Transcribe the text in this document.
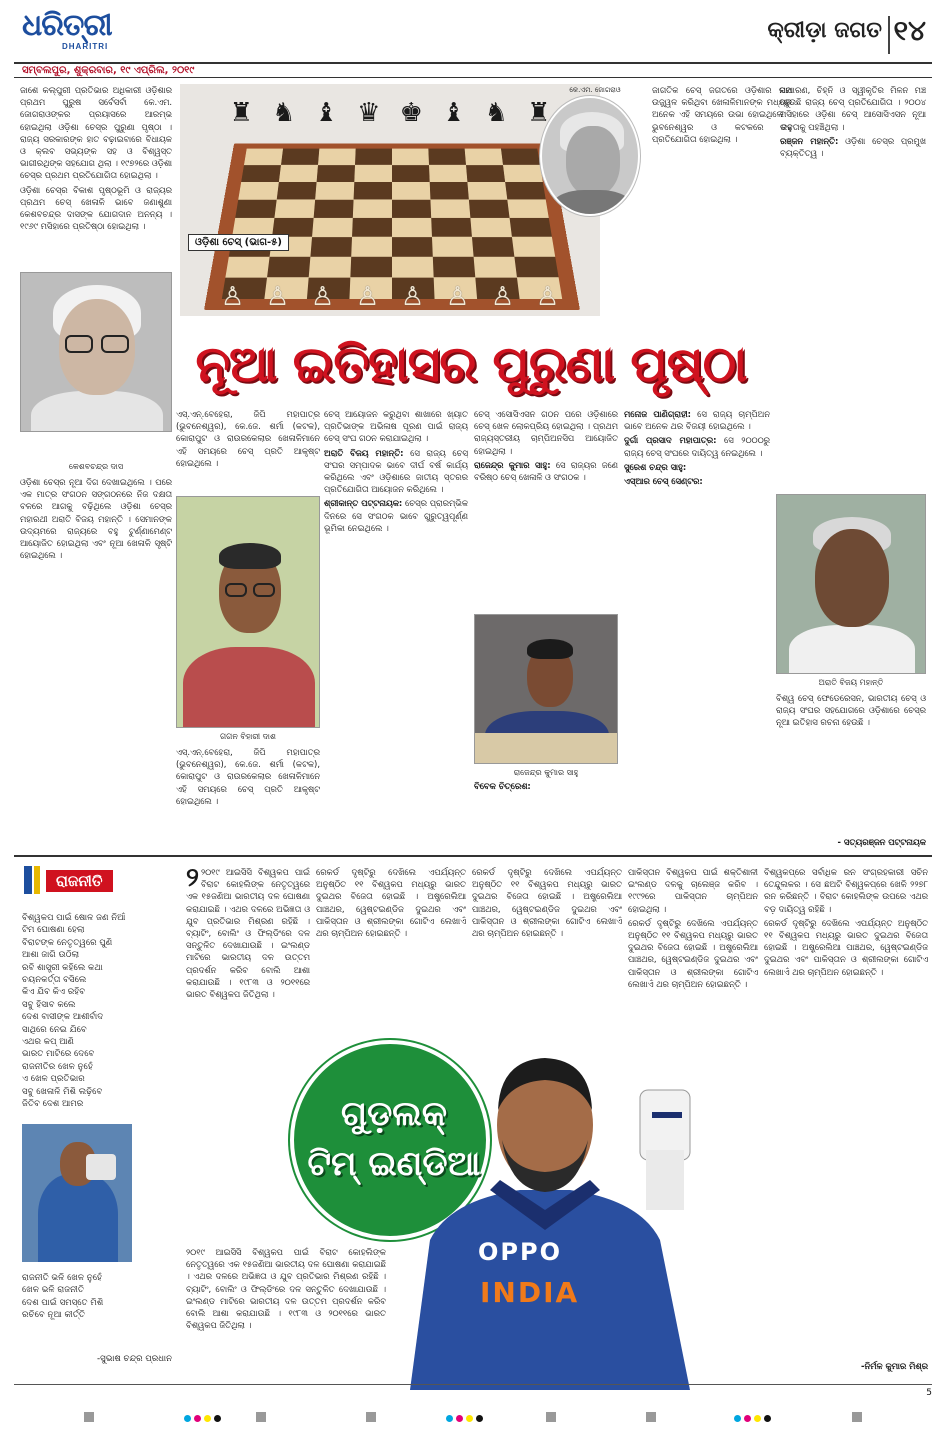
ଧରିତ୍ରୀ
DHARITRI
କ୍ରୀଡ଼ା ଜଗତ ୧୪
ସମ୍ବଲପୁର, ଶୁକ୍ରବାର, ୧୯ ଏପ୍ରିଲ, ୨୦୧୯

ଜାଶେ କଲ୍ପୁରୀ ପ୍ରତିଭାର ଅଧିକାରୀ ଓଡ଼ିଶାର ପ୍ରଥମ ପୁରୁଷ ସର୍ବେସର୍ବା କେ.ଏମ. ଜୋଗରାଓଙ୍କର ପ୍ରୟାସରେ ଆରମ୍ଭ ହୋଇଥିଲା ଓଡ଼ିଶା ଚେସ୍‌ର ପୁରୁଣା ପୃଷ୍ଠା । ରାଜ୍ୟ ସରକାରଙ୍କ ହାତ ବଢ଼ାଇବାରେ ବିଧାୟକ ଓ କ୍ଲବ ସଭ୍ୟଙ୍କ ସହ ଓ ବିଶ୍ୱସ୍ତ ଭାଗୀରଥିଙ୍କ ସହଯୋଗ ଥିଲା । ୧୯୭୨ରେ ଓଡ଼ିଶା ଚେସ୍‌ର ପ୍ରଥମ ପ୍ରତିଯୋଗିତା ହୋଇଥିଲା ।

ଓଡ଼ିଶା ଚେସ୍‌ର ବିକାଶ ପୃଷ୍ଠଭୂମି ଓ ରାଜ୍ୟର ପ୍ରଥମ ଚେସ୍ ଖେଳାଳି ଭାବେ ଜଣାଶୁଣା କେଶବଚନ୍ଦ୍ର ଦାସଙ୍କ ଯୋଗଦାନ ଅନନ୍ୟ । ୧୯୬୯ ମସିହାରେ ପ୍ରତିଷ୍ଠା ହୋଇଥିଲା ।

କେଶବଚନ୍ଦ୍ର ଦାସ

ଓଡ଼ିଶା ଚେସ୍‌ର ନୂଆ ଦିଗ ଦେଖାଇଥିଲେ । ପରେ ଏକ ମାତ୍ର ସଂଗଠନ ସଙ୍ଗଠନରେ ନିଜ ଦକ୍ଷତା ବଳରେ ଆଗକୁ ବଢ଼ିଥିଲେ ଓଡ଼ିଶା ଚେସ୍‌ର ମହାରଥୀ ଅରାତି ବିଜୟ ମହାନ୍ତି । ସେମାନଙ୍କ ଉଦ୍ୟମରେ ରାଜ୍ୟରେ ବହୁ ଟୁର୍ଣ୍ଣାମେଣ୍ଟ ଆୟୋଜିତ ହୋଇଥିଲା ଏବଂ ନୂଆ ଖେଳାଳି ସୃଷ୍ଟି ହୋଇଥିଲେ ।

♜ ♞ ♝ ♛ ♚ ♝ ♞ ♜
♙ ♙ ♙ ♙ ♙ ♙ ♙ ♙
ଓଡ଼ିଶା ଚେସ୍ (ଭାଗ-୫)
କେ.ଏମ. ଜୋଗରାଓ	ଜାଗତିକ ଚେସ୍ ଜଗତରେ ଓଡ଼ିଶାର ନାମ ଉଜ୍ଜ୍ୱଳ କରିଥିବା ଖେଳାଳିମାନଙ୍କ ମଧ୍ୟରୁ ଅନେକ ଏହି ସମୟରେ ଉଭା ହୋଇଥିଲେ । ଭୁବନେଶ୍ୱର ଓ କଟକରେ ବହୁ ପ୍ରତିଯୋଗିତା ହୋଇଥିଲା ।

ସାଧାରଣ, ଚିହ୍ନି ଓ ସ୍ୱୀକୃତିର ମିଳନ ମଞ୍ଚ ହେଉଛି ରାଜ୍ୟ ଚେସ୍ ପ୍ରତିଯୋଗିତା । ୨୦୦୪ ମସିହାରେ ଓଡ଼ିଶା ଚେସ୍ ଆସୋସିଏସନ ନୂଆ ଉଚ୍ଚତାକୁ ପହଞ୍ଚିଥିଲା ।

ରଞ୍ଜନ ମହାନ୍ତି: ଓଡ଼ିଶା ଚେସ୍‌ର ପ୍ରମୁଖ ବ୍ୟକ୍ତିତ୍ୱ ।

ନୂଆ ଇତିହାସର ପୁରୁଣା ପୃଷ୍ଠା

ଏସ୍.ଏନ୍.ବେହେରା, ଜିପି ମହାପାତ୍ର (ଭୁବନେଶ୍ୱର), କେ.ଜେ. ଶର୍ମା (କଟକ), କୋରାପୁଟ ଓ ରାଉରକେଲାର ଖେଳାଳିମାନେ ଏହି ସମୟରେ ଚେସ୍ ପ୍ରତି ଆକୃଷ୍ଟ ହୋଇଥିଲେ ।

ଗଗନ ବିହାରୀ ଦାଶ

ଏସ୍.ଏନ୍.ବେହେରା, ଜିପି ମହାପାତ୍ର (ଭୁବନେଶ୍ୱର), କେ.ଜେ. ଶର୍ମା (କଟକ), କୋରାପୁଟ ଓ ରାଉରକେଲାର ଖେଳାଳିମାନେ ଏହି ସମୟରେ ଚେସ୍ ପ୍ରତି ଆକୃଷ୍ଟ ହୋଇଥିଲେ ।

ଚେସ୍ ଆୟୋଜନ କରୁଥିବା ଶାଖାରେ ଖ୍ୟାତ ପ୍ରତିଭାଙ୍କ ଅଭିଳାଷ ପୂରଣ ପାଇଁ ରାଜ୍ୟ ଚେସ୍ ସଂଘ ଗଠନ କରାଯାଇଥିଲା ।

ଅରାତି ବିଜୟ ମହାନ୍ତି: ସେ ରାଜ୍ୟ ଚେସ୍ ସଂଘର ସମ୍ପାଦକ ଭାବେ ଦୀର୍ଘ ବର୍ଷ କାର୍ଯ୍ୟ କରିଥିଲେ ଏବଂ ଓଡ଼ିଶାରେ ଜାତୀୟ ସ୍ତରର ପ୍ରତିଯୋଗିତା ଆୟୋଜନ କରିଥିଲେ ।

ଶ୍ରୀକାନ୍ତ ପଟ୍ଟନାୟକ: ଚେସ୍‌ର ପ୍ରାରମ୍ଭିକ ଦିନରେ ସେ ସଂଗଠକ ଭାବେ ଗୁରୁତ୍ୱପୂର୍ଣ୍ଣ ଭୂମିକା ନେଇଥିଲେ ।

ଚେସ୍ ଏସୋସିଏସନ ଗଠନ ପରେ ଓଡ଼ିଶାରେ ଚେସ୍ ଖେଳ ଲୋକପ୍ରିୟ ହୋଇଥିଲା । ପ୍ରଥମ ରାଜ୍ୟସ୍ତରୀୟ ଚାମ୍ପିଅନସିପ ଆୟୋଜିତ ହୋଇଥିଲା ।

ରାଜେନ୍ଦ୍ର କୁମାର ସାହୁ: ସେ ରାଜ୍ୟର ଜଣେ ବରିଷ୍ଠ ଚେସ୍ ଖେଳାଳି ଓ ସଂଗଠକ ।

ରାଜେନ୍ଦ୍ର କୁମାର ସାହୁ

ବିବେକ ଚିତ୍ରେଶ:

ମନୋଜ ପାଣିଗ୍ରାହୀ: ସେ ରାଜ୍ୟ ଚାମ୍ପିଅନ ଭାବେ ଅନେକ ଥର ବିଜୟୀ ହୋଇଥିଲେ ।

ଦୁର୍ଗା ପ୍ରସାଦ ମହାପାତ୍ର: ସେ ୨୦୦୦ରୁ ରାଜ୍ୟ ଚେସ୍ ସଂଘରେ ଦାୟିତ୍ୱ ନେଇଥିଲେ ।

ସୁରେଶ ଚନ୍ଦ୍ର ସାହୁ:

ଏସ୍ଆର ଚେସ୍ ସେଣ୍ଟର:

ଅରାତି ବିଜୟ ମହାନ୍ତି

ବିଶ୍ୱ ଚେସ୍ ଫେଡେରେସନ, ଭାରତୀୟ ଚେସ୍ ଓ ରାଜ୍ୟ ସଂଘର ସହଯୋଗରେ ଓଡ଼ିଶାରେ ଚେସ୍‌ର ନୂଆ ଇତିହାସ ରଚନା ହେଉଛି ।

- ସତ୍ୟରଞ୍ଜନ ପଟ୍ଟନାୟକ
ରାଜନୀତି
ବିଶ୍ୱକପ ପାଇଁ ଷୋଳ ଜଣ ନିଆଁ
ଟିମ ଘୋଷଣା ହେଲା
ବିରାଟଙ୍କ ନେତୃତ୍ୱରେ ପୁଣି
ଆଶା ଜାଗି ଉଠିଲା
ରବି ଶାସ୍ତ୍ରୀ କହିଲେ କଥା
ଚୟନକର୍ତ୍ତା ବସିଲେ
କିଏ ଯିବ କିଏ ରହିବ
ସବୁ ହିସାବ କଲେ
ଦେଶ ବାସୀଙ୍କ ଆଶୀର୍ବାଦ
ସାଥିରେ ନେଇ ଯିବେ
ଏଥର କପ୍ ଆଣି
ଭାରତ ମାଟିରେ ଦେବେ
ରାଜନୀତିର ଖେଳ ନୁହେଁ
ଏ ଖେଳ ପ୍ରତିଭାର
ସବୁ ଖେଳାଳି ମିଶି ଲଢ଼ିବେ
ଜିତିବ ଦେଶ ଆମର
ରାଜନୀତି ଭଳି ଖେଳ ନୁହେଁ
ଖେଳ ଭଳି ରାଜନୀତି
ଦେଶ ପାଇଁ ସମସ୍ତେ ମିଶି
ରଚିବେ ନୂଆ କୀର୍ତ୍ତି
-ସୁଭାଷ ଚନ୍ଦ୍ର ପ୍ରଧାନ

୨ ୨୦୧୯ ଆଇସିସି ବିଶ୍ୱକପ ପାଇଁ ବିରାଟ କୋହଲିଙ୍କ ନେତୃତ୍ୱରେ ଏକ ୧୫ଜଣିଆ ଭାରତୀୟ ଦଳ ଘୋଷଣା କରାଯାଇଛି । ଏଥର ଦଳରେ ଅଭିଜ୍ଞତା ଓ ଯୁବ ପ୍ରତିଭାର ମିଶ୍ରଣ ରହିଛି । ବ୍ୟାଟିଂ, ବୋଲିଂ ଓ ଫିଲ୍ଡିଂରେ ଦଳ ସନ୍ତୁଳିତ ଦେଖାଯାଉଛି । ଇଂଲଣ୍ଡ ମାଟିରେ ଭାରତୀୟ ଦଳ ଉତ୍ତମ ପ୍ରଦର୍ଶନ କରିବ ବୋଲି ଆଶା କରାଯାଉଛି । ୧୯୮୩ ଓ ୨୦୧୧ରେ ଭାରତ ବିଶ୍ୱକପ ଜିତିଥିଲା ।

୨୦୧୯ ଆଇସିସି ବିଶ୍ୱକପ ପାଇଁ ବିରାଟ କୋହଲିଙ୍କ ନେତୃତ୍ୱରେ ଏକ ୧୫ଜଣିଆ ଭାରତୀୟ ଦଳ ଘୋଷଣା କରାଯାଇଛି । ଏଥର ଦଳରେ ଅଭିଜ୍ଞତା ଓ ଯୁବ ପ୍ରତିଭାର ମିଶ୍ରଣ ରହିଛି । ବ୍ୟାଟିଂ, ବୋଲିଂ ଓ ଫିଲ୍ଡିଂରେ ଦଳ ସନ୍ତୁଳିତ ଦେଖାଯାଉଛି । ଇଂଲଣ୍ଡ ମାଟିରେ ଭାରତୀୟ ଦଳ ଉତ୍ତମ ପ୍ରଦର୍ଶନ କରିବ ବୋଲି ଆଶା କରାଯାଉଛି । ୧୯୮୩ ଓ ୨୦୧୧ରେ ଭାରତ ବିଶ୍ୱକପ ଜିତିଥିଲା ।

ରେକର୍ଡ ଦୃଷ୍ଟିରୁ ଦେଖିଲେ ଏପର୍ଯ୍ୟନ୍ତ ଅନୁଷ୍ଠିତ ୧୧ ବିଶ୍ୱକପ ମଧ୍ୟରୁ ଭାରତ ଦୁଇଥର ବିଜେତା ହୋଇଛି । ଅଷ୍ଟ୍ରେଲିଆ ପାଞ୍ଚଥର, ୱେଷ୍ଟଇଣ୍ଡିଜ ଦୁଇଥର ଏବଂ ପାକିସ୍ତାନ ଓ ଶ୍ରୀଲଙ୍କା ଗୋଟିଏ ଲେଖାଏଁ ଥର ଚାମ୍ପିଅନ ହୋଇଛନ୍ତି ।

ରେକର୍ଡ ଦୃଷ୍ଟିରୁ ଦେଖିଲେ ଏପର୍ଯ୍ୟନ୍ତ ଅନୁଷ୍ଠିତ ୧୧ ବିଶ୍ୱକପ ମଧ୍ୟରୁ ଭାରତ ଦୁଇଥର ବିଜେତା ହୋଇଛି । ଅଷ୍ଟ୍ରେଲିଆ ପାଞ୍ଚଥର, ୱେଷ୍ଟଇଣ୍ଡିଜ ଦୁଇଥର ଏବଂ ପାକିସ୍ତାନ ଓ ଶ୍ରୀଲଙ୍କା ଗୋଟିଏ ଲେଖାଏଁ ଥର ଚାମ୍ପିଅନ ହୋଇଛନ୍ତି ।

ପାକିସ୍ତାନ ବିଶ୍ୱକପ ପାଇଁ ଶକ୍ତିଶାଳୀ ଇଂଲଣ୍ଡ ଦଳକୁ ଚାଲେଞ୍ଜ କରିବ । ୧୯୯୨ରେ ପାକିସ୍ତାନ ଚାମ୍ପିଅନ ହୋଇଥିଲା ।

ରେକର୍ଡ ଦୃଷ୍ଟିରୁ ଦେଖିଲେ ଏପର୍ଯ୍ୟନ୍ତ ଅନୁଷ୍ଠିତ ୧୧ ବିଶ୍ୱକପ ମଧ୍ୟରୁ ଭାରତ ଦୁଇଥର ବିଜେତା ହୋଇଛି । ଅଷ୍ଟ୍ରେଲିଆ ପାଞ୍ଚଥର, ୱେଷ୍ଟଇଣ୍ଡିଜ ଦୁଇଥର ଏବଂ ପାକିସ୍ତାନ ଓ ଶ୍ରୀଲଙ୍କା ଗୋଟିଏ ଲେଖାଏଁ ଥର ଚାମ୍ପିଅନ ହୋଇଛନ୍ତି ।

ବିଶ୍ୱକପ୍‌ରେ ସର୍ବାଧିକ ରନ ସଂଗ୍ରହକାରୀ ସଚିନ ତେନ୍ଦୁଲକର । ସେ ଛଅଟି ବିଶ୍ୱକପ୍‌ରେ ଖେଳି ୨୨୭୮ ରନ କରିଛନ୍ତି । ବିରାଟ କୋହଲିଙ୍କ ଉପରେ ଏଥର ବଡ଼ ଦାୟିତ୍ୱ ରହିଛି ।

ରେକର୍ଡ ଦୃଷ୍ଟିରୁ ଦେଖିଲେ ଏପର୍ଯ୍ୟନ୍ତ ଅନୁଷ୍ଠିତ ୧୧ ବିଶ୍ୱକପ ମଧ୍ୟରୁ ଭାରତ ଦୁଇଥର ବିଜେତା ହୋଇଛି । ଅଷ୍ଟ୍ରେଲିଆ ପାଞ୍ଚଥର, ୱେଷ୍ଟଇଣ୍ଡିଜ ଦୁଇଥର ଏବଂ ପାକିସ୍ତାନ ଓ ଶ୍ରୀଲଙ୍କା ଗୋଟିଏ ଲେଖାଏଁ ଥର ଚାମ୍ପିଅନ ହୋଇଛନ୍ତି ।

-ନିର୍ମଳ କୁମାର ମିଶ୍ର
ଗୁଡ଼ଲକ୍
ଟିମ୍ ଇଣ୍ଡିଆ
OPPO
INDIA
5
